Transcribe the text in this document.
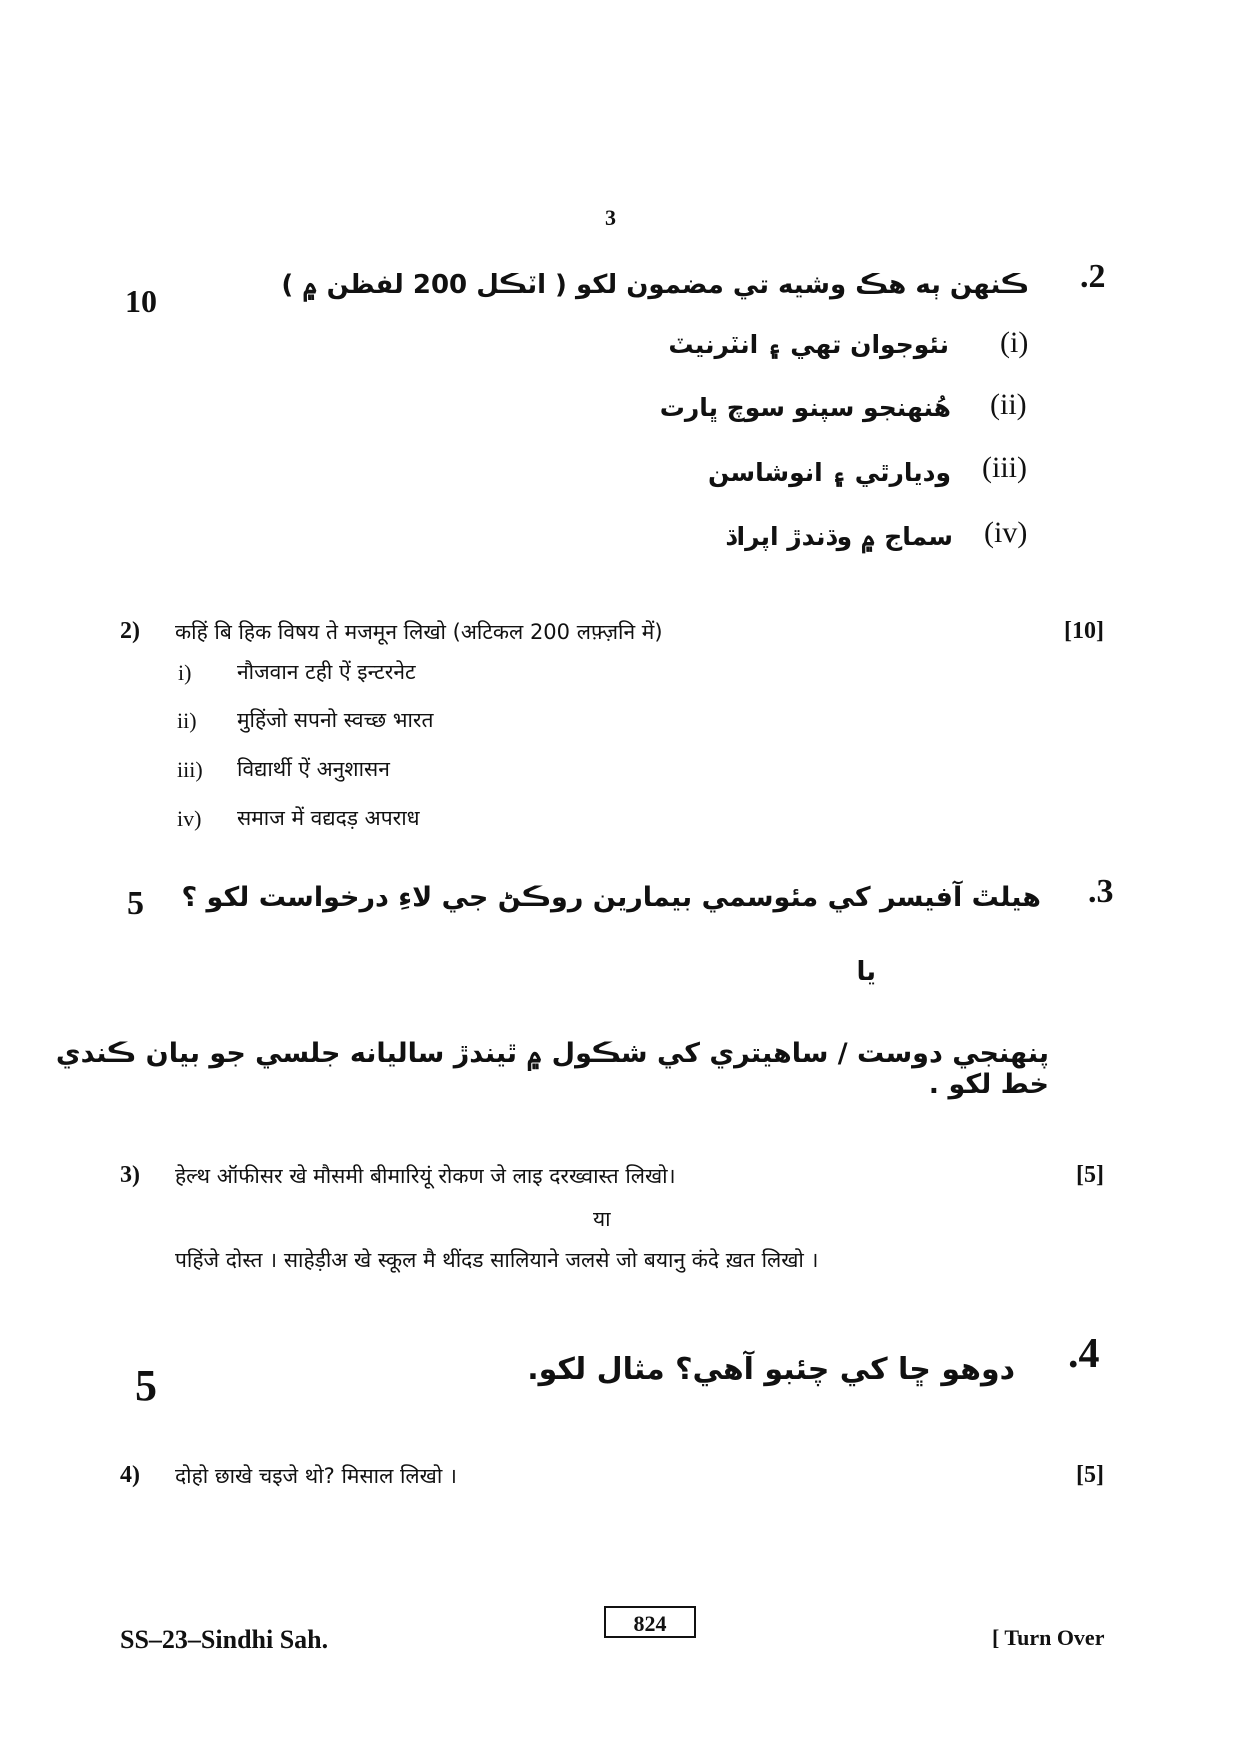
3
.2
10	ڪنهن ٻه هڪ وشيه تي مضمون لکو ( اٽڪل 200 لفظن ۾ )
نئوجوان تهي ۽ انٽرنيٽ (i)
هُنهنجو سپنو سوچ ڀارت (ii)
وديارٿي ۽ انوشاسن (iii)
سماج ۾ وڌندڙ اپراڌ (iv)
2) कहिं बि हिक विषय ते मजमून लिखो (अटिकल 200 लफ़्ज़नि में)	[10]
i) नौजवान टही ऐं इन्टरनेट
ii) मुहिंजो सपनो स्वच्छ भारत
iii) विद्यार्थी ऐं अनुशासन
iv) समाज में वद्यदड़ अपराध
.3
5 هيلٿ آفيسر کي مئوسمي بيمارين روڪڻ جي لاءِ درخواست لکو ؟
يا
پنهنجي دوست / ساهيتري کي شڪول ۾ ٿيندڙ ساليانه جلسي جو بيان ڪندي خط لکو .
3) हेल्थ ऑफीसर खे मौसमी बीमारियूं रोकण जे लाइ दरख्वास्त लिखो।	[5]
या
पहिंजे दोस्त । साहेड़ीअ खे स्कूल मै थींदड सालियाने जलसे जो बयानु कंदे ख़त लिखो ।
.4
5	دوهو ڇا کي چئبو آهي؟ مثال لکو.
4) दोहो छाखे चइजे थो? मिसाल लिखो ।	[5]
SS–23–Sindhi Sah.
824
[ Turn Over
